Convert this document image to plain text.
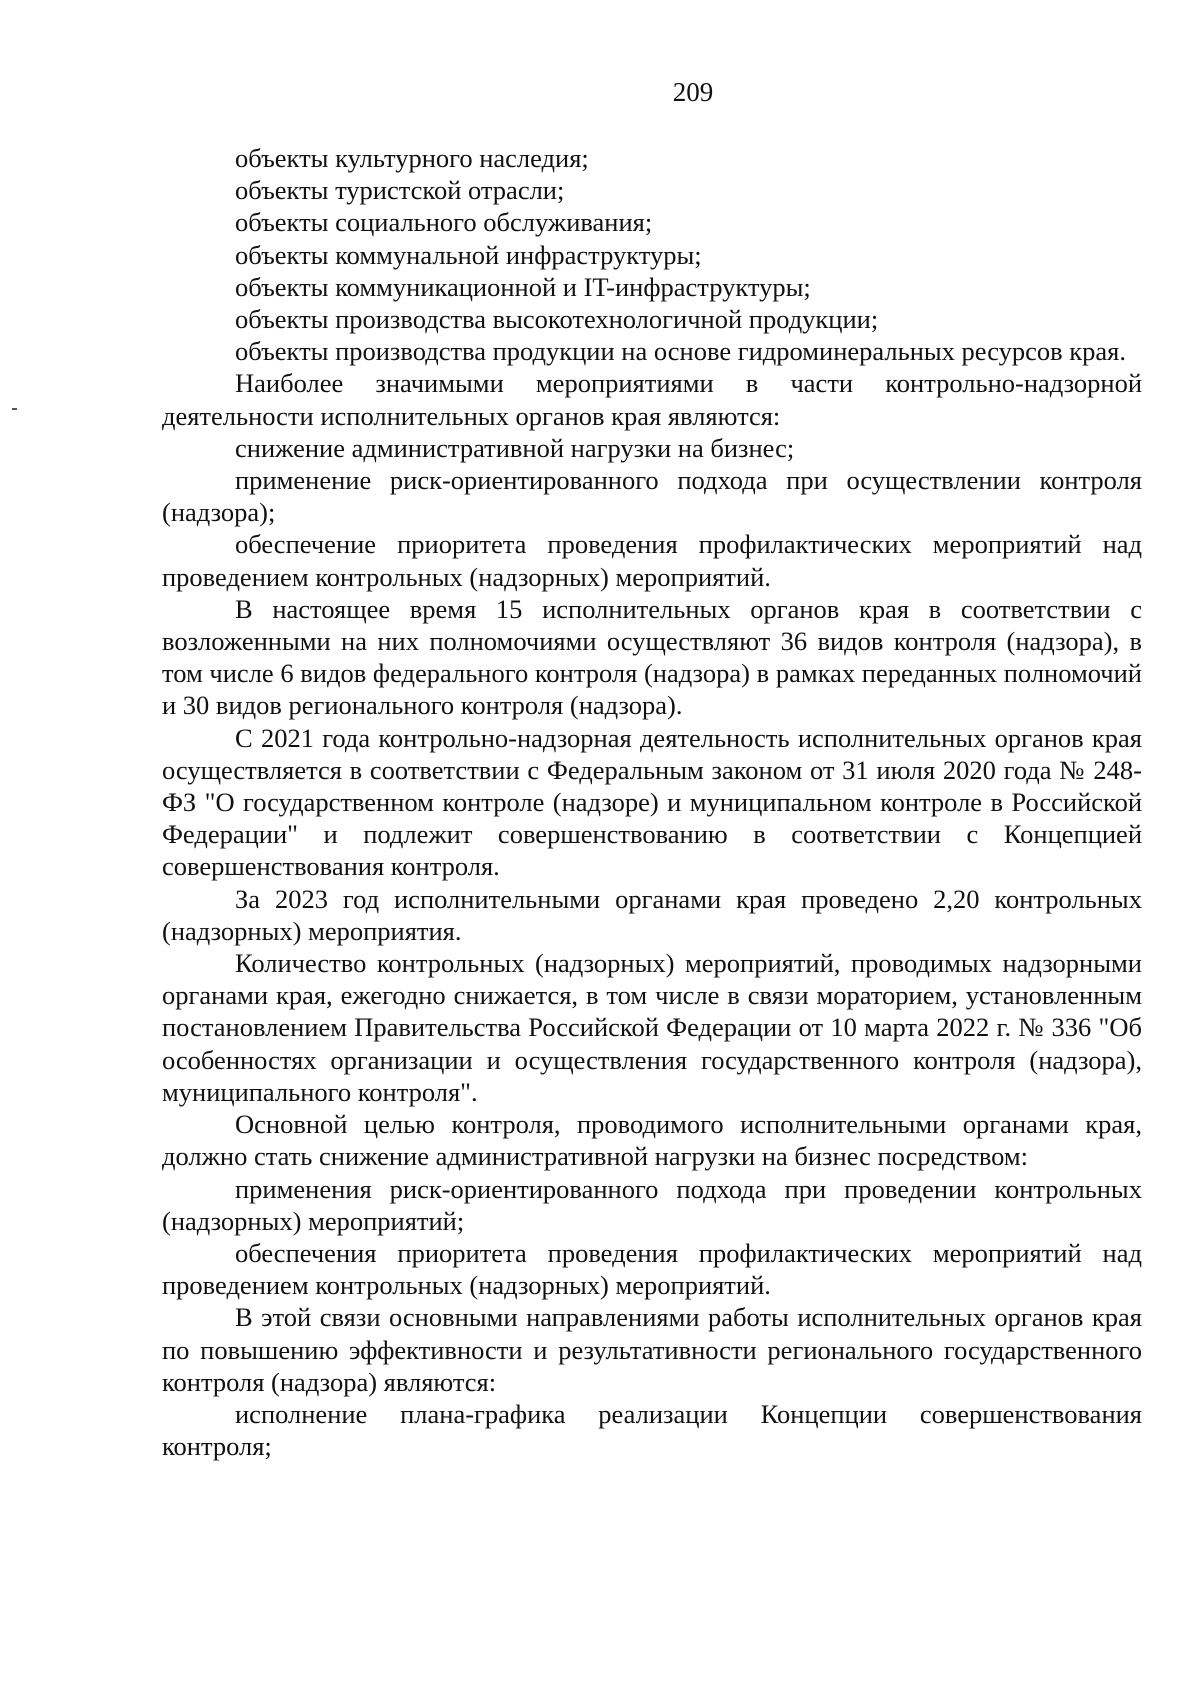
209

объекты культурного наследия;

объекты туристской отрасли;

объекты социального обслуживания;

объекты коммунальной инфраструктуры;

объекты коммуникационной и IT-инфраструктуры;

объекты производства высокотехнологичной продукции;

объекты производства продукции на основе гидроминеральных ресурсов края.

Наиболее значимыми мероприятиями в части контрольно-надзорной деятельности исполнительных органов края являются:

снижение административной нагрузки на бизнес;

применение риск-ориентированного подхода при осуществлении контроля (надзора);

обеспечение приоритета проведения профилактических мероприятий над проведением контрольных (надзорных) мероприятий.

В настоящее время 15 исполнительных органов края в соответствии с возложенными на них полномочиями осуществляют 36 видов контроля (надзора), в том числе 6 видов федерального контроля (надзора) в рамках переданных полномочий и 30 видов регионального контроля (надзора).

С 2021 года контрольно-надзорная деятельность исполнительных органов края осуществляется в соответствии с Федеральным законом от 31 июля 2020 года № 248-ФЗ "О государственном контроле (надзоре) и муниципальном контроле в Российской Федерации" и подлежит совершенствованию в соответствии с Концепцией совершенствования контроля.

За 2023 год исполнительными органами края проведено 2,20 контрольных (надзорных) мероприятия.

Количество контрольных (надзорных) мероприятий, проводимых надзорными органами края, ежегодно снижается, в том числе в связи мораторием, установленным постановлением Правительства Российской Федерации от 10 марта 2022 г. № 336 "Об особенностях организации и осуществления государственного контроля (надзора), муниципального контроля".

Основной целью контроля, проводимого исполнительными органами края, должно стать снижение административной нагрузки на бизнес посредством:

применения риск-ориентированного подхода при проведении контрольных (надзорных) мероприятий;

обеспечения приоритета проведения профилактических мероприятий над проведением контрольных (надзорных) мероприятий.

В этой связи основными направлениями работы исполнительных органов края по повышению эффективности и результативности регионального государственного контроля (надзора) являются:

исполнение плана-графика реализации Концепции совершенствования контроля;
